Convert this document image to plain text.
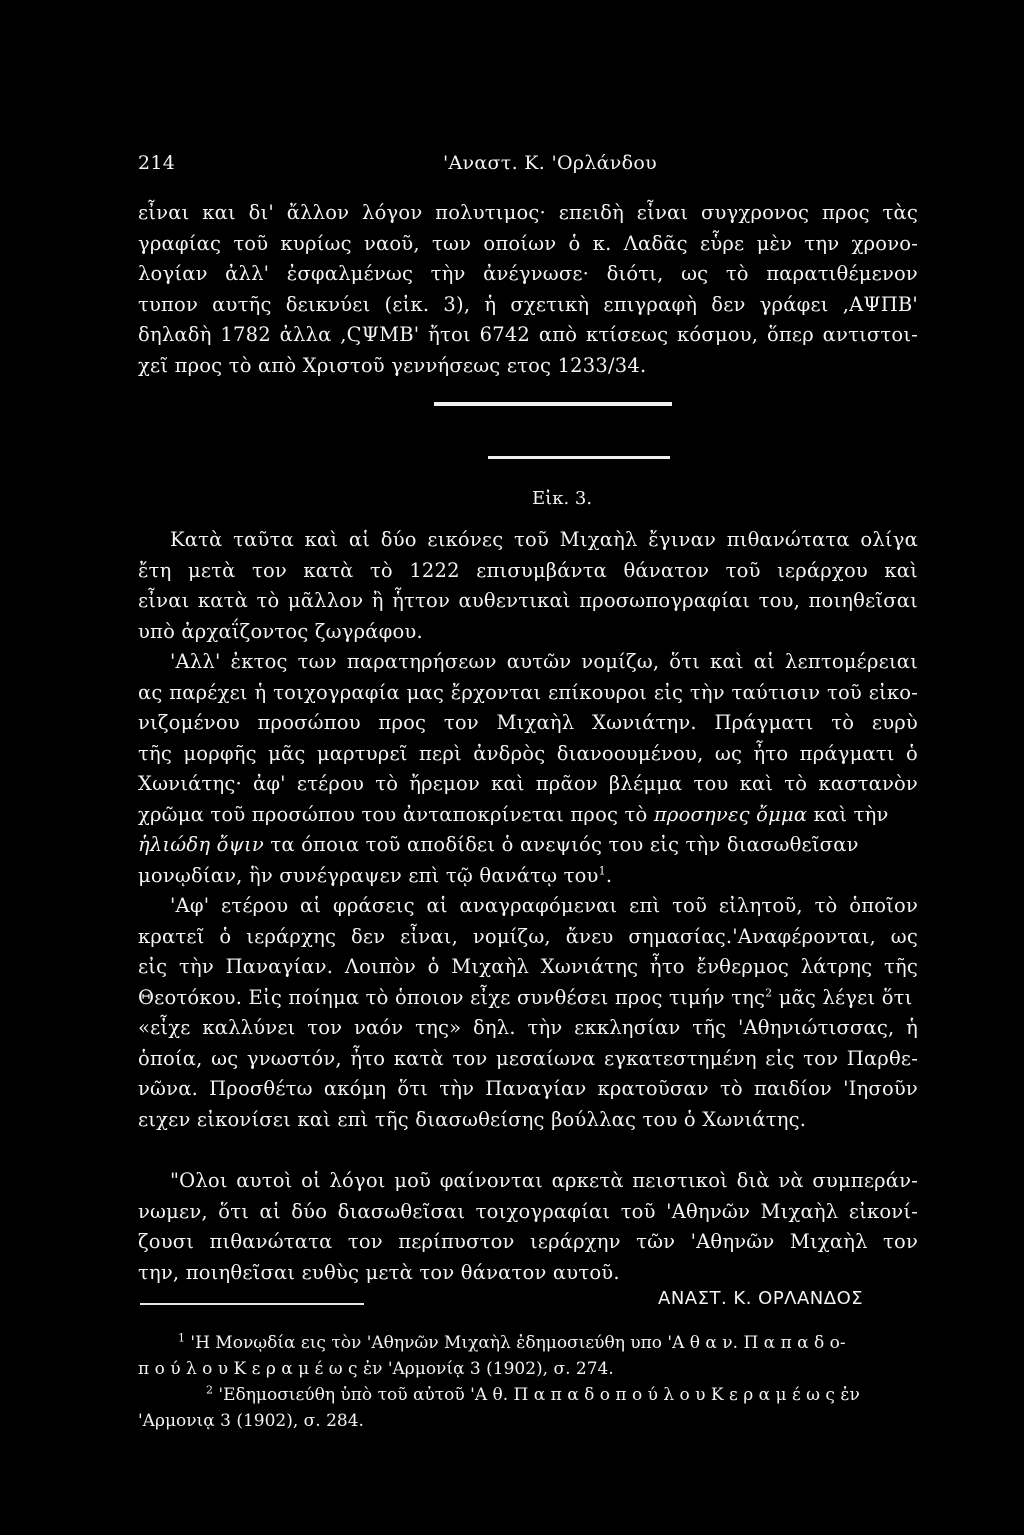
214	'Αναστ. Κ. 'Ορλάνδου
εἶναι και δι' ἄλλον λόγον πολυτιμος· επειδὴ εἶναι συγχρονος προς τὰς
γραφίας τοῦ κυρίως ναοῦ, των οποίων ὁ κ. Λαδᾶς εὗρε μὲν την χρονο-
λογίαν ἀλλ' ἐσφαλμένως τὴν ἀνέγνωσε· διότι, ως τὸ παρατιθέμενον
τυπον αυτῆς δεικνύει (εἰκ. 3), ἡ σχετικὴ επιγραφὴ δεν γράφει ,ΑΨΠΒ'
δηλαδὴ 1782 ἀλλα ,ϚΨΜΒ' ἤτοι 6742 απὸ κτίσεως κόσμου, ὅπερ αντιστοι-
χεῖ προς τὸ απὸ Χριστοῦ γεννήσεως ετος 1233/34.
Εἰκ. 3.
Κατὰ ταῦτα καὶ αἱ δύο εικόνες τοῦ Μιχαὴλ ἔγιναν πιθανώτατα ολίγα
ἔτη μετὰ τον κατὰ τὸ 1222 επισυμβάντα θάνατον τοῦ ιεράρχου καὶ
εἶναι κατὰ τὸ μᾶλλον ἢ ἧττον αυθεντικαὶ προσωπογραφίαι του, ποιηθεῖσαι
υπὸ ἀρχαΐζοντος ζωγράφου.
'Αλλ' ἐκτος των παρατηρήσεων αυτῶν νομίζω, ὅτι καὶ αἱ λεπτομέρειαι
ας παρέχει ἡ τοιχογραφία μας ἔρχονται επίκουροι εἰς τὴν ταύτισιν τοῦ εἰκο-
νιζομένου προσώπου προς τον Μιχαὴλ Χωνιάτην. Πράγματι τὸ ευρὺ
τῆς μορφῆς μᾶς μαρτυρεῖ περὶ ἀνδρὸς διανοουμένου, ως ἦτο πράγματι ὁ
Χωνιάτης· ἀφ' ετέρου τὸ ἤρεμον καὶ πρᾶον βλέμμα του καὶ τὸ καστανὸν
χρῶμα τοῦ προσώπου του ἀνταποκρίνεται προς τὸ προσηνες ὄμμα καὶ τὴν
ἡλιώδη ὄψιν τα όποια τοῦ αποδίδει ὁ ανεψιός του εἰς τὴν διασωθεῖσαν
μονῳδίαν, ἣν συνέγραψεν επὶ τῷ θανάτῳ του$^1$.
'Αφ' ετέρου αἱ φράσεις αἱ αναγραφόμεναι επὶ τοῦ εἰλητοῦ, τὸ ὁποῖον
κρατεῖ ὁ ιεράρχης δεν εἶναι, νομίζω, ἄνευ σημασίας.'Αναφέρονται, ως
εἰς τὴν Παναγίαν. Λοιπὸν ὁ Μιχαὴλ Χωνιάτης ἦτο ἔνθερμος λάτρης τῆς
Θεοτόκου. Εἰς ποίημα τὸ ὁποιον εἶχε συνθέσει προς τιμήν της$^2$ μᾶς λέγει ὅτι
«εἶχε καλλύνει τον ναόν της» δηλ. τὴν εκκλησίαν τῆς 'Αθηνιώτισσας, ἡ
ὁποία, ως γνωστόν, ἦτο κατὰ τον μεσαίωνα εγκατεστημένη εἰς τον Παρθε-
νῶνα. Προσθέτω ακόμη ὅτι τὴν Παναγίαν κρατοῦσαν τὸ παιδίον 'Ιησοῦν
ειχεν εἰκονίσει καὶ επὶ τῆς διασωθείσης βούλλας του ὁ Χωνιάτης.
"Ολοι αυτοὶ οἱ λόγοι μοῦ φαίνονται αρκετὰ πειστικοὶ διὰ νὰ συμπεράν-
νωμεν, ὅτι αἱ δύο διασωθεῖσαι τοιχογραφίαι τοῦ 'Αθηνῶν Μιχαὴλ εἰκονί-
ζουσι πιθανώτατα τον περίπυστον ιεράρχην τῶν 'Αθηνῶν Μιχαὴλ τον
την, ποιηθεῖσαι ευθὺς μετὰ τον θάνατον αυτοῦ.
ΑΝΑΣΤ. Κ. ΟΡΛΑΝΔΟΣ
$^1$ 'Η Μονῳδία εις τὸν 'Αθηνῶν Μιχαὴλ ἐδημοσιεύθη υπο 'Α θ α ν. Π α π α δ ο-
π ο ύ λ ο υ Κ ε ρ α μ έ ω ς ἐν 'Αρμονίᾳ 3 (1902), σ. 274.
$^2$ 'Εδημοσιεύθη ὑπὸ τοῦ αὐτοῦ 'Α θ. Π α π α δ ο π ο ύ λ ο υ Κ ε ρ α μ έ ω ς ἐν
'Αρμονιᾳ 3 (1902), σ. 284.
